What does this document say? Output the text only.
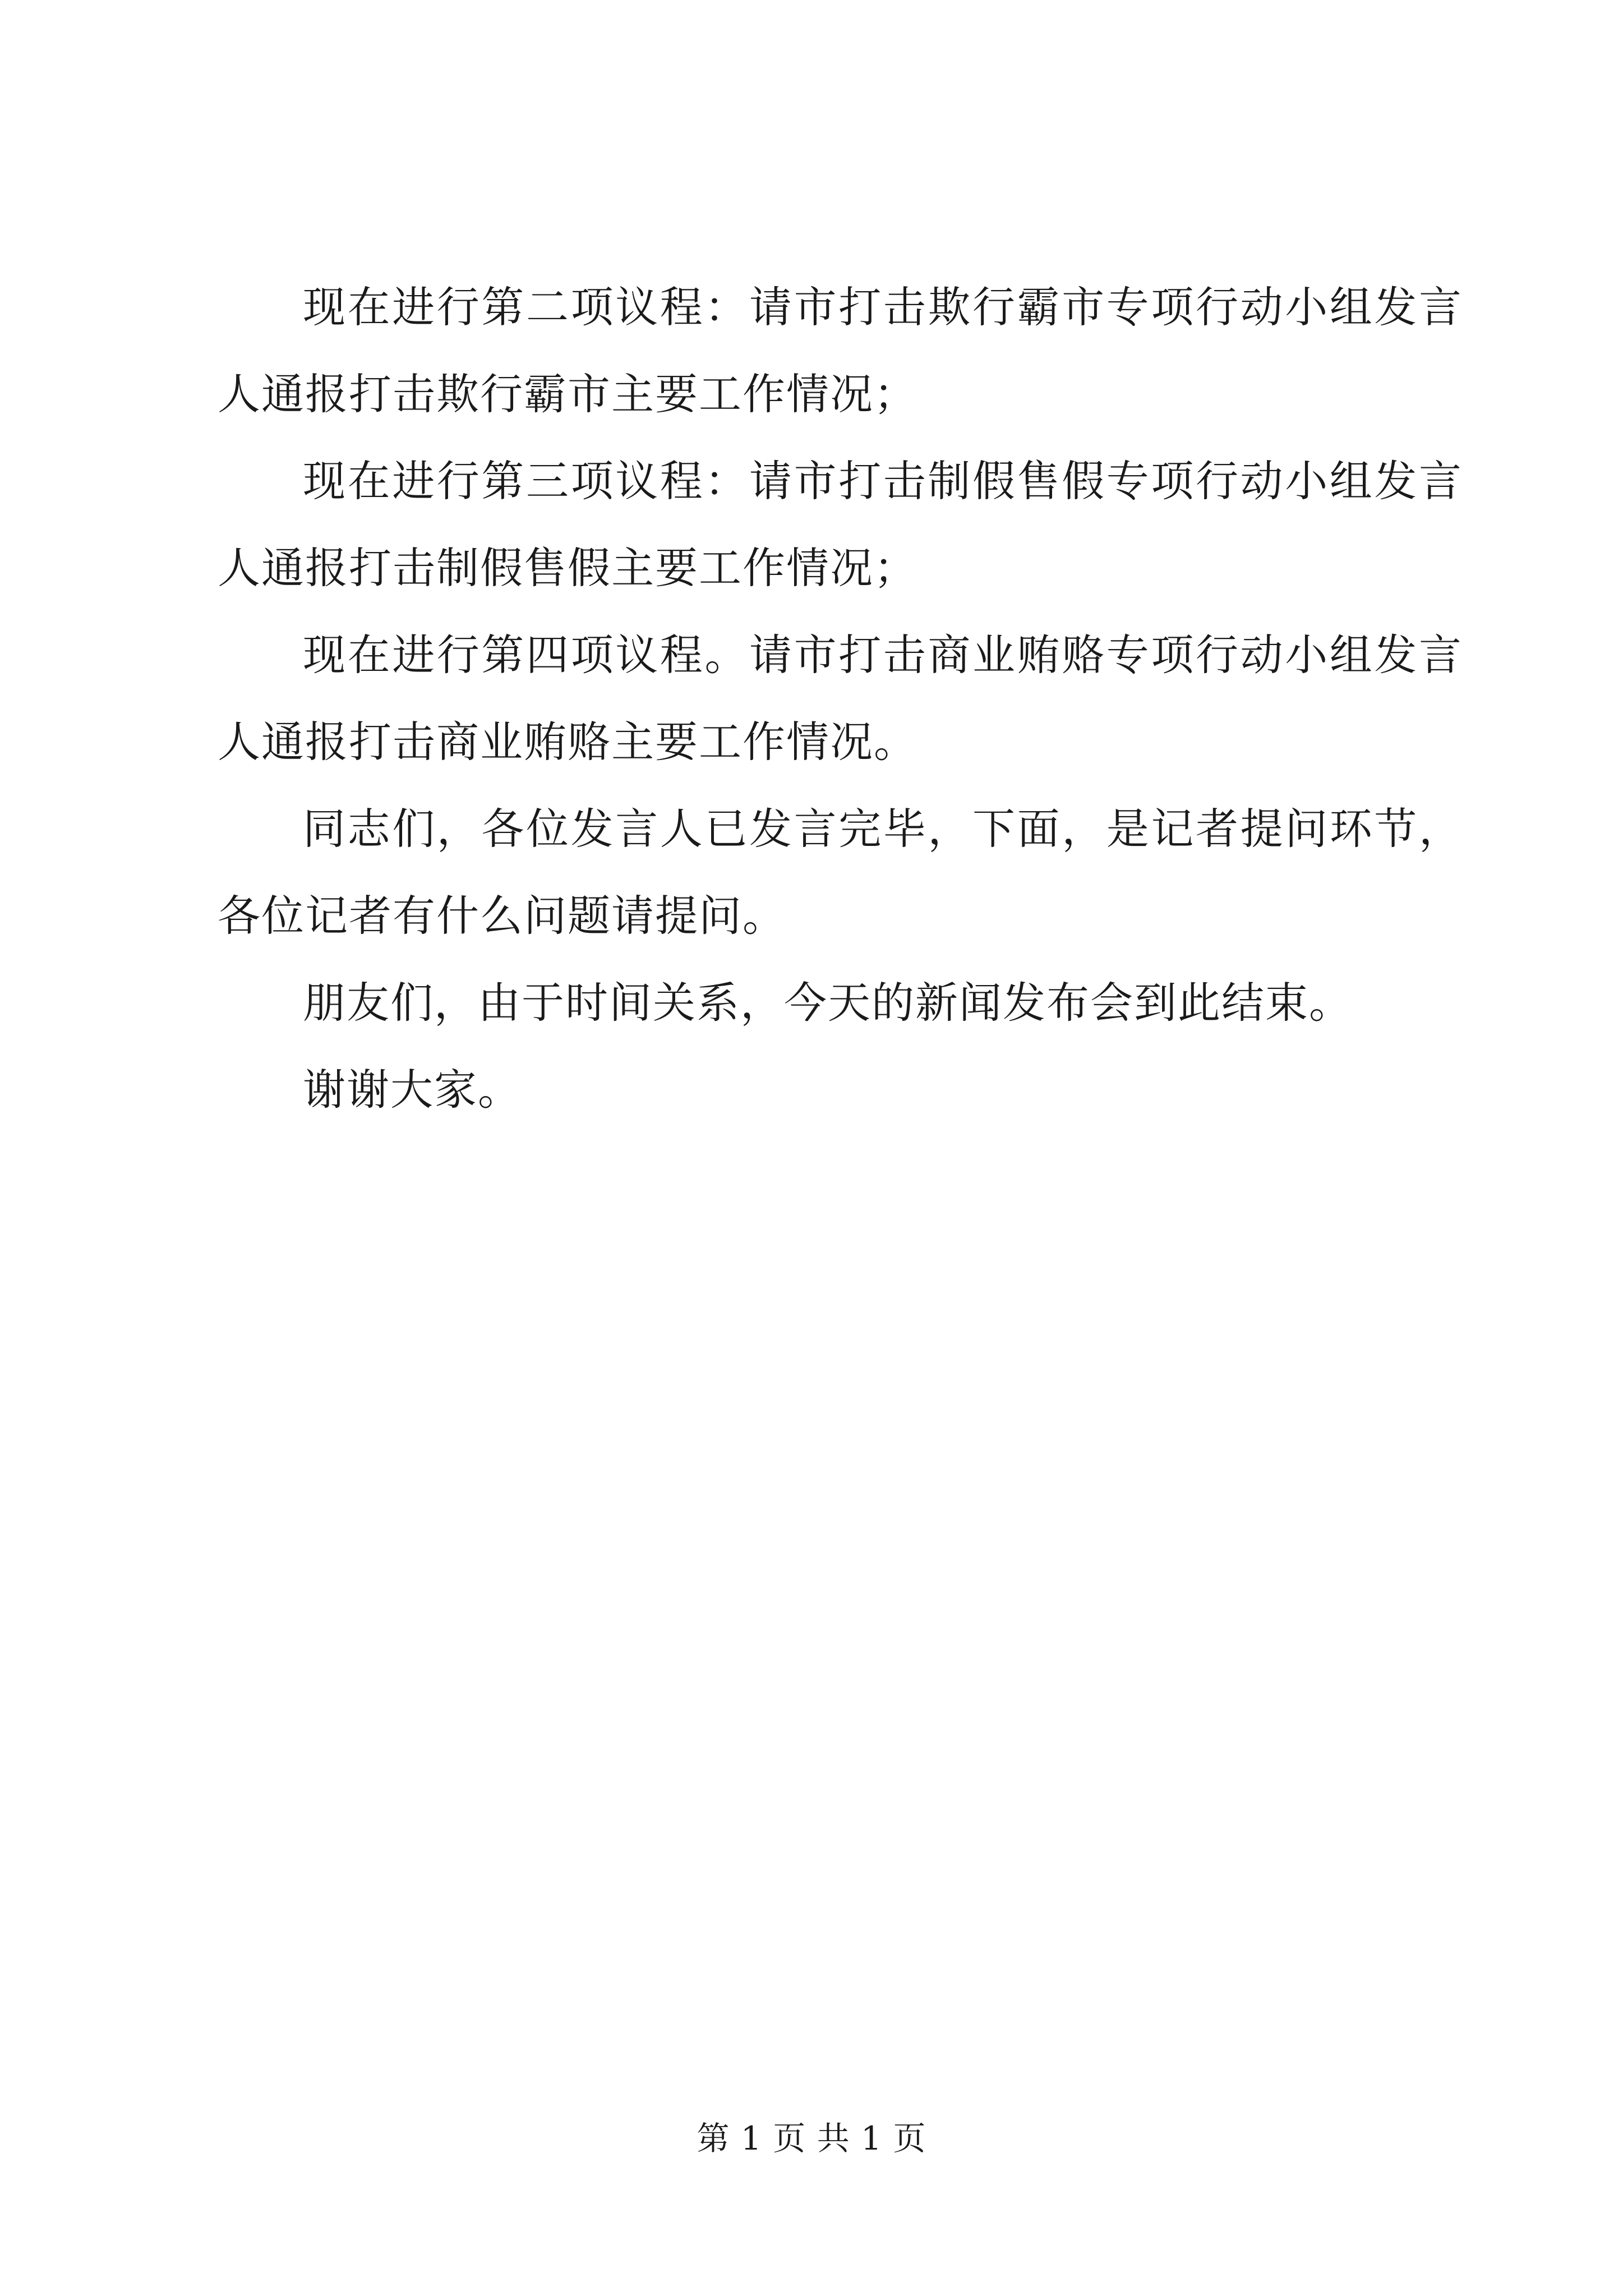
现在进行第二项议程：请市打击欺行霸市专项行动小组发言人通报打击欺行霸市主要工作情况；

现在进行第三项议程：请市打击制假售假专项行动小组发言人通报打击制假售假主要工作情况；

现在进行第四项议程。请市打击商业贿赂专项行动小组发言人通报打击商业贿赂主要工作情况。

同志们，各位发言人已发言完毕，下面，是记者提问环节，各位记者有什么问题请提问。

朋友们，由于时间关系，今天的新闻发布会到此结束。

谢谢大家。

第 1 页 共 1 页
